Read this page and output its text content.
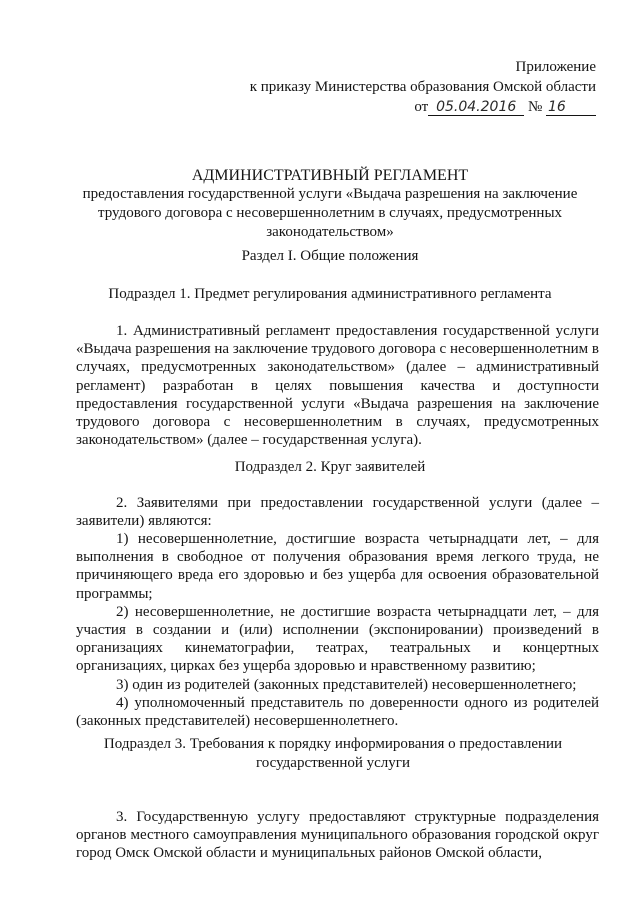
Приложение
к приказу Министерства образования Омской области
от 05.04.2016 № 16
АДМИНИСТРАТИВНЫЙ РЕГЛАМЕНТ
предоставления государственной услуги «Выдача разрешения на заключение трудового договора с несовершеннолетним в случаях, предусмотренных законодательством»
Раздел I. Общие положения
Подраздел 1. Предмет регулирования административного регламента
1. Административный регламент предоставления государственной услуги «Выдача разрешения на заключение трудового договора с несовершеннолетним в случаях, предусмотренных законодательством» (далее – административный регламент) разработан в целях повышения качества и доступности предоставления государственной услуги «Выдача разрешения на заключение трудового договора с несовершеннолетним в случаях, предусмотренных законодательством» (далее – государственная услуга).
Подраздел 2. Круг заявителей
2. Заявителями при предоставлении государственной услуги (далее – заявители) являются:

1) несовершеннолетние, достигшие возраста четырнадцати лет, – для выполнения в свободное от получения образования время легкого труда, не причиняющего вреда его здоровью и без ущерба для освоения образовательной программы;

2) несовершеннолетние, не достигшие возраста четырнадцати лет, – для участия в создании и (или) исполнении (экспонировании) произведений в организациях кинематографии, театрах, театральных и концертных организациях, цирках без ущерба здоровью и нравственному развитию;

3) один из родителей (законных представителей) несовершеннолетнего;

4) уполномоченный представитель по доверенности одного из родителей (законных представителей) несовершеннолетнего.

Подраздел 3. Требования к порядку информирования о предоставлении государственной услуги
3. Государственную услугу предоставляют структурные подразделения органов местного самоуправления муниципального образования городской округ город Омск Омской области и муниципальных районов Омской области,
